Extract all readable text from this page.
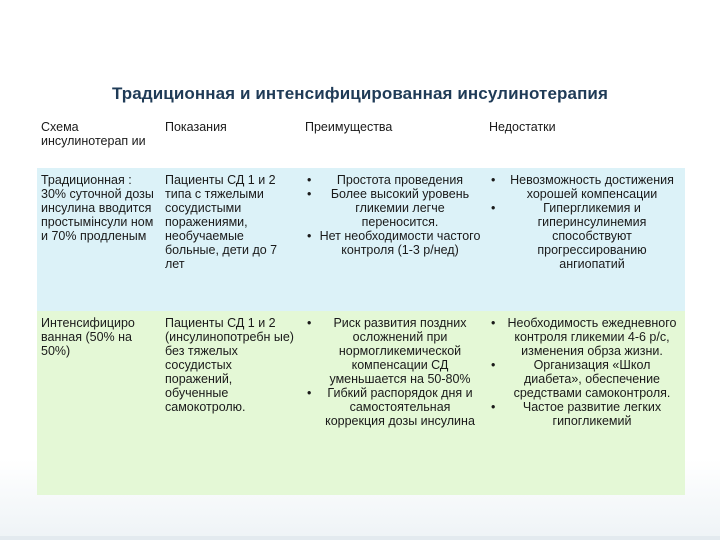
Традиционная и интенсифицированная инсулинотерапия
Схема инсулинотерап ии
Показания	Преимущества	Недостатки
Традиционная : 30% суточной дозы инсулина вводится простымінсули ном и 70% продленым
Пациенты СД 1 и 2 типа с тяжелыми сосудистыми поражениями, необучаемые больные, дети до 7 лет
• Простота проведения
• Более высокий уровень гликемии легче переносится.
• Нет необходимости частого контроля (1-3 р/нед)
• Невозможность достижения хорошей компенсации
• Гипергликемия и гиперинсулинемия способствуют прогрессированию ангиопатий
Интенсифициро ванная (50% на 50%)
Пациенты СД 1 и 2 (инсулинопотребн ые) без тяжелых сосудистых поражений, обученные самокотролю.
• Риск развития поздних осложнений при нормогликемической компенсации СД уменьшается на 50-80%
• Гибкий распорядок дня и самостоятельная коррекция дозы инсулина
• Необходимость ежедневного контроля гликемии 4-6 р/с, изменения обрза жизни.
• Организация «Школ диабета», обеспечение средствами самоконтроля.
• Частое развитие легких гипогликемий
